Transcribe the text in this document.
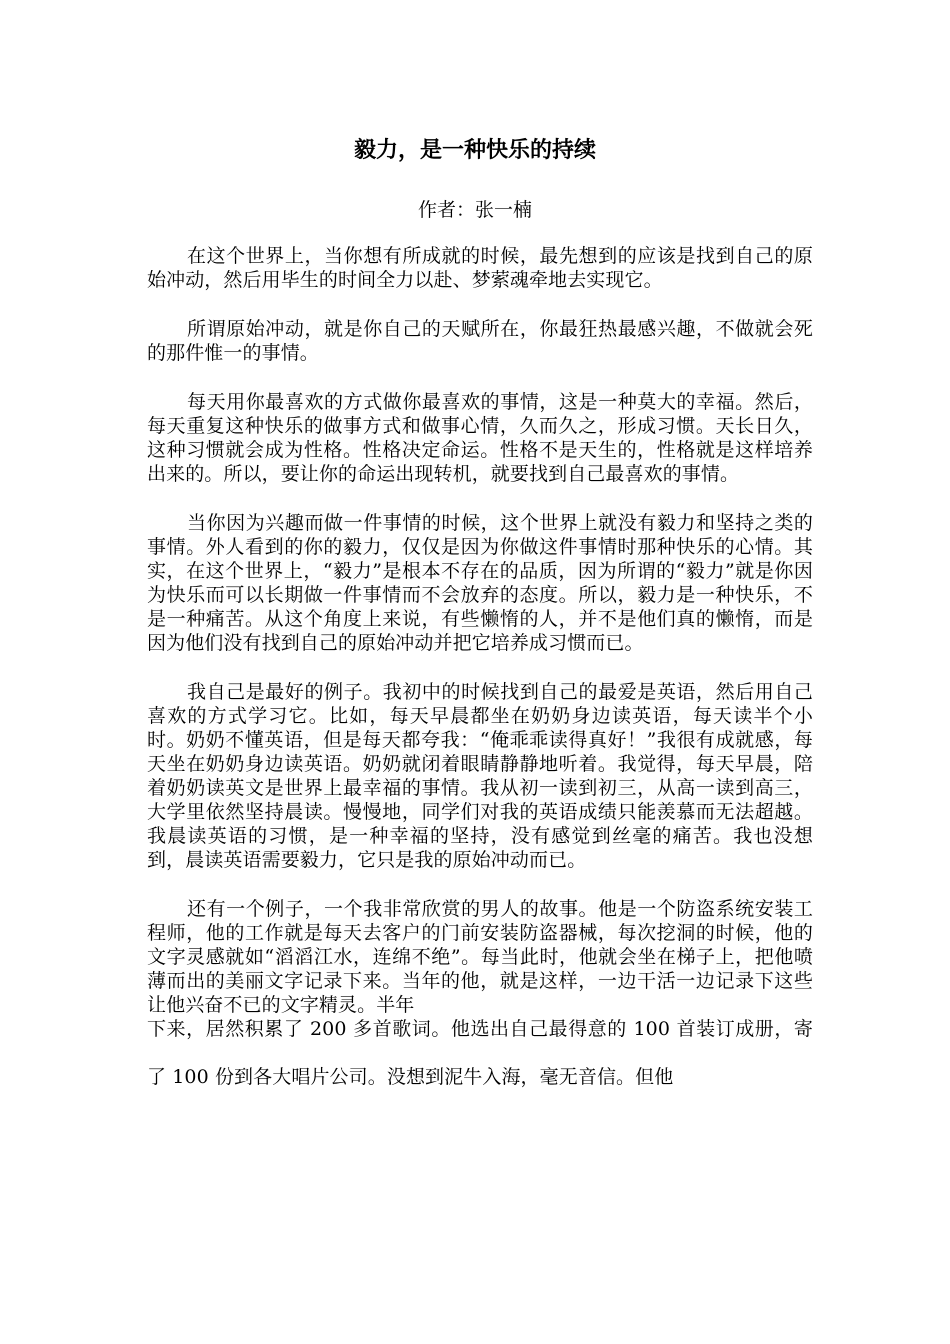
毅力，是一种快乐的持续
作者：张一楠

在这个世界上，当你想有所成就的时候，最先想到的应该是找到自己的原始冲动，然后用毕生的时间全力以赴、梦萦魂牵地去实现它。

所谓原始冲动，就是你自己的天赋所在，你最狂热最感兴趣，不做就会死的那件惟一的事情。

每天用你最喜欢的方式做你最喜欢的事情，这是一种莫大的幸福。然后，每天重复这种快乐的做事方式和做事心情，久而久之，形成习惯。天长日久，这种习惯就会成为性格。性格决定命运。性格不是天生的，性格就是这样培养出来的。所以，要让你的命运出现转机，就要找到自己最喜欢的事情。

当你因为兴趣而做一件事情的时候，这个世界上就没有毅力和坚持之类的事情。外人看到的你的毅力，仅仅是因为你做这件事情时那种快乐的心情。其实，在这个世界上，“毅力”是根本不存在的品质，因为所谓的“毅力”就是你因为快乐而可以长期做一件事情而不会放弃的态度。所以，毅力是一种快乐，不是一种痛苦。从这个角度上来说，有些懒惰的人，并不是他们真的懒惰，而是因为他们没有找到自己的原始冲动并把它培养成习惯而已。

我自己是最好的例子。我初中的时候找到自己的最爱是英语，然后用自己喜欢的方式学习它。比如，每天早晨都坐在奶奶身边读英语，每天读半个小时。奶奶不懂英语，但是每天都夸我：“俺乖乖读得真好！”我很有成就感，每天坐在奶奶身边读英语。奶奶就闭着眼睛静静地听着。我觉得，每天早晨，陪着奶奶读英文是世界上最幸福的事情。我从初一读到初三，从高一读到高三，大学里依然坚持晨读。慢慢地，同学们对我的英语成绩只能羡慕而无法超越。我晨读英语的习惯，是一种幸福的坚持，没有感觉到丝毫的痛苦。我也没想到，晨读英语需要毅力，它只是我的原始冲动而已。

还有一个例子，一个我非常欣赏的男人的故事。他是一个防盗系统安装工程师，他的工作就是每天去客户的门前安装防盗器械，每次挖洞的时候，他的文字灵感就如“滔滔江水，连绵不绝”。每当此时，他就会坐在梯子上，把他喷薄而出的美丽文字记录下来。当年的他，就是这样，一边干活一边记录下这些让他兴奋不已的文字精灵。半年

下来，居然积累了 200 多首歌词。他选出自己最得意的 100 首装订成册，寄了 100 份到各大唱片公司。没想到泥牛入海，毫无音信。但他
